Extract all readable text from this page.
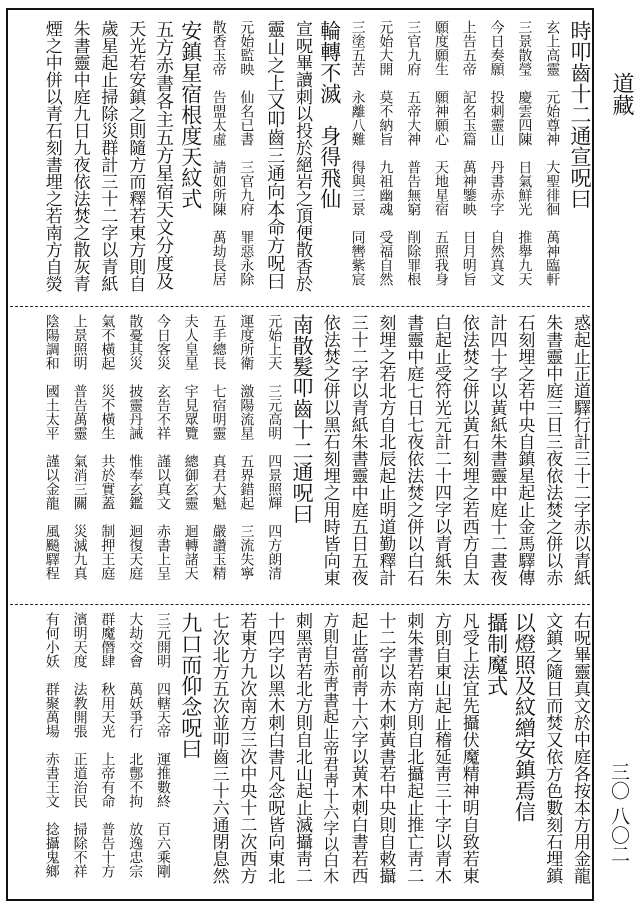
道藏
三〇 八〇二
時叩齒十二通宣呪曰
玄上高靈　元始尊神　大聖徘徊　萬神臨軒
三景散瑩　慶雲四陳　日氣鮮光　推舉九天
今日奏願　投刺靈山　丹書赤字　自然真文
上告五帝　記名玉篇　萬神鑒映　日月明旨
願度願生　願神願心　天地星宿　五照我身
三官九府　五帝大神　普告無窮　削除罪根
元始大開　莫不納旨　九祖幽魂　受福自然
三塗五苦　永離八難　得與三景　同轡紫宸
輪轉不滅　身得飛仙
宣呪畢讀刺以投於絕岩之頂便散香於
靈山之上又叩齒三通向本命方呪曰
元始監映　仙名已書　三官九府　罪惡永除
散香玉帝　告盟太虛　請如所陳　萬劫長居
安鎮星宿根度天紋式
五方赤書各主五方星宿天文分度及
天光若安鎮之則隨方而釋若東方則自
歲星起止掃除災群計三十二字以青紙
朱書靈中庭九日九夜依法焚之散灰青
煙之中併以青石刻書埋之若南方自熒
惑起止正道驛行計三十二字赤以青紙
朱書靈中庭三日三夜依法焚之併以赤
石刻埋之若中央自鎮星起止金馬驛傳
計四十字以黃紙朱書靈中庭十二晝夜
依法焚之併以黃石刻埋之若西方自太
白起止受符光元計二十四字以青紙朱
書靈中庭七日七夜依法焚之併以白石
刻埋之若北方自北辰起止明道勤釋計
三十二字以青紙朱書靈中庭五日五夜
依法焚之併以黑石刻埋之用時皆向東
南散髮叩齒十二通呪曰
元始上天　三元高明　四景照輝　四方朗清
運度所衛　激陽流星　五界錯起　三流失寧
五手總長　七宿明靈　真君大魁　嚴讚玉精
夫人皇星　宇見眾覽　總御玄靈　迴轉諸天
今日客災　玄告不祥　謹以真文　赤書上呈
散憂其災　披靈丹誡　惟奉玄鑑　迴復天庭
氣不橫起　災不橫生　共於實蓋　制押王庭
上景照明　普告萬靈　氣消三關　災滅九真
陰陽調和　國土太平　謹以金龍　風飈驛程
右呪畢靈真文於中庭各按本方用金龍
文鎮之隨日而焚又依方色數刻石埋鎮
以燈照及紋繒安鎮焉信
攝制魔式
凡受上法宜先攝伏魔精神明自致若東
方則自東山起止稽延靑三十字以青木
刺朱書若南方則自北攝起止推亡靑二
十二字以赤木刺黃書若中央則自敕攝
起止當前靑十六字以黃木刺白書若西
方則自赤靑書起止帝君靑十六字以白木
刺黑靑若北方則自北山起止滅攝靑二
十四字以黑木刺白書凡念呪皆向東北
若東方九次南方三次中央十二次西方
七次北方五次並叩齒三十六通閉息然
九口而仰念呪曰
三元開明　四轄天帝　運推數終　百六乘剛
大劫交會　萬妖爭行　北鄷不拘　放逸忠宗
群魔僭肆　秋用天光　上帝有命　普告十方
濱明天度　法教開張　正道治民　掃除不祥
有何小妖　群聚萬場　赤書王文　捻攝鬼鄉
